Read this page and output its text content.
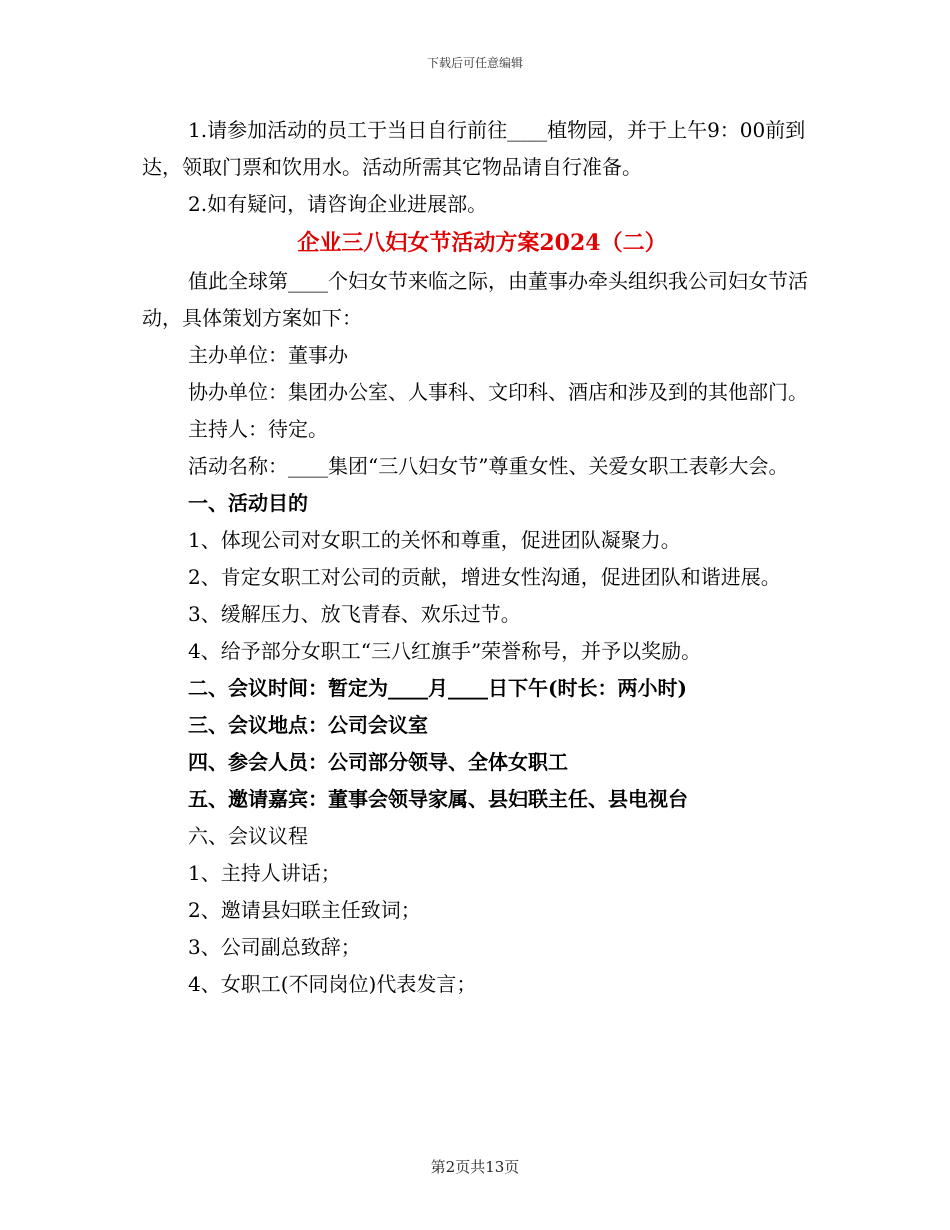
下载后可任意编辑

1.请参加活动的员工于当日自行前往____植物园，并于上午9：00前到达，领取门票和饮用水。活动所需其它物品请自行准备。

2.如有疑问，请咨询企业进展部。

企业三八妇女节活动方案2024（二）

值此全球第____个妇女节来临之际，由董事办牵头组织我公司妇女节活动，具体策划方案如下：

主办单位：董事办

协办单位：集团办公室、人事科、文印科、酒店和涉及到的其他部门。

主持人：待定。

活动名称：____集团“三八妇女节”尊重女性、关爱女职工表彰大会。

一、活动目的

1、体现公司对女职工的关怀和尊重，促进团队凝聚力。

2、肯定女职工对公司的贡献，增进女性沟通，促进团队和谐进展。

3、缓解压力、放飞青春、欢乐过节。

4、给予部分女职工“三八红旗手”荣誉称号，并予以奖励。

二、会议时间：暂定为____月____日下午(时长：两小时)

三、会议地点：公司会议室

四、参会人员：公司部分领导、全体女职工

五、邀请嘉宾：董事会领导家属、县妇联主任、县电视台

六、会议议程

1、主持人讲话；

2、邀请县妇联主任致词；

3、公司副总致辞；

4、女职工(不同岗位)代表发言；

第2页共13页
